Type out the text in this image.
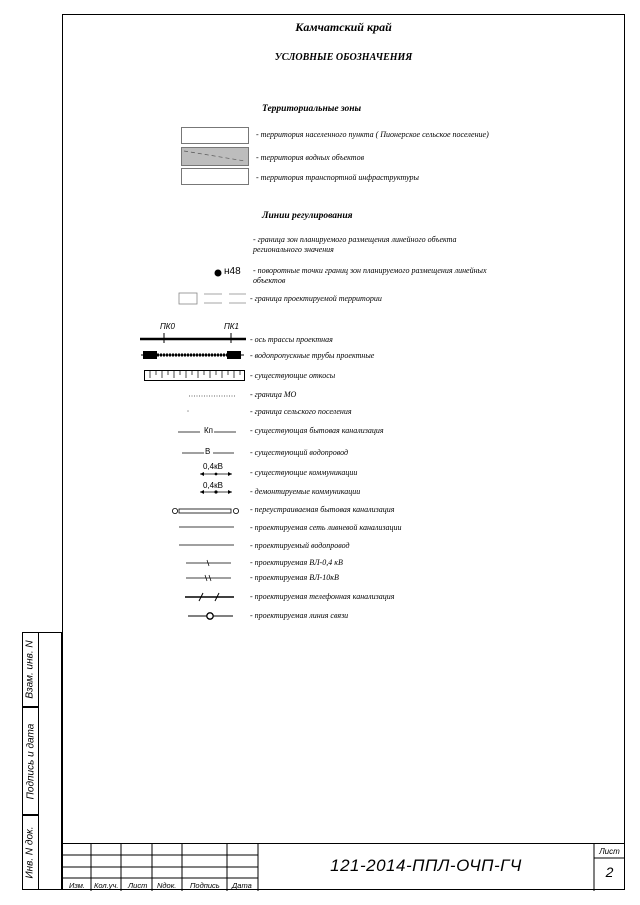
Камчатский край
УСЛОВНЫЕ ОБОЗНАЧЕНИЯ
Территориальные зоны
- территория населенного пункта ( Пионерское сельское поселение)
- территория водных объектов
- территория транспортной инфраструктуры
Линии регулирования
- граница зон планируемого размещения линейного объекта регионального значения
н48 - поворотные точки границ зон планируемого размещения линейных объектов
- граница проектируемой территории
ПК0	ПК1
- ось трассы проектная
- водопропускные трубы проектные
- существующие откосы
- граница МО
- граница сельского поселения
Кп	- существующая бытовая канализация
В	- существующий водопровод
0,4кВ
- существующие коммуникации
0,4кВ
- демонтируемые коммуникации
- переустраиваемая бытовая канализация
- проектируемая сеть ливневой канализации
- проектируемый водопровод
- проектируемая ВЛ-0,4 кВ
- проектируемая ВЛ-10кВ
- проектируемая телефонная канализация
- проектируемая линия связи
Взам. инв. N
Подпись и дата
Инв. N док.
Изм. Кол.уч. Лист Nдок. Подпись Дата
121-2014-ППЛ-ОЧП-ГЧ
Лист
2
